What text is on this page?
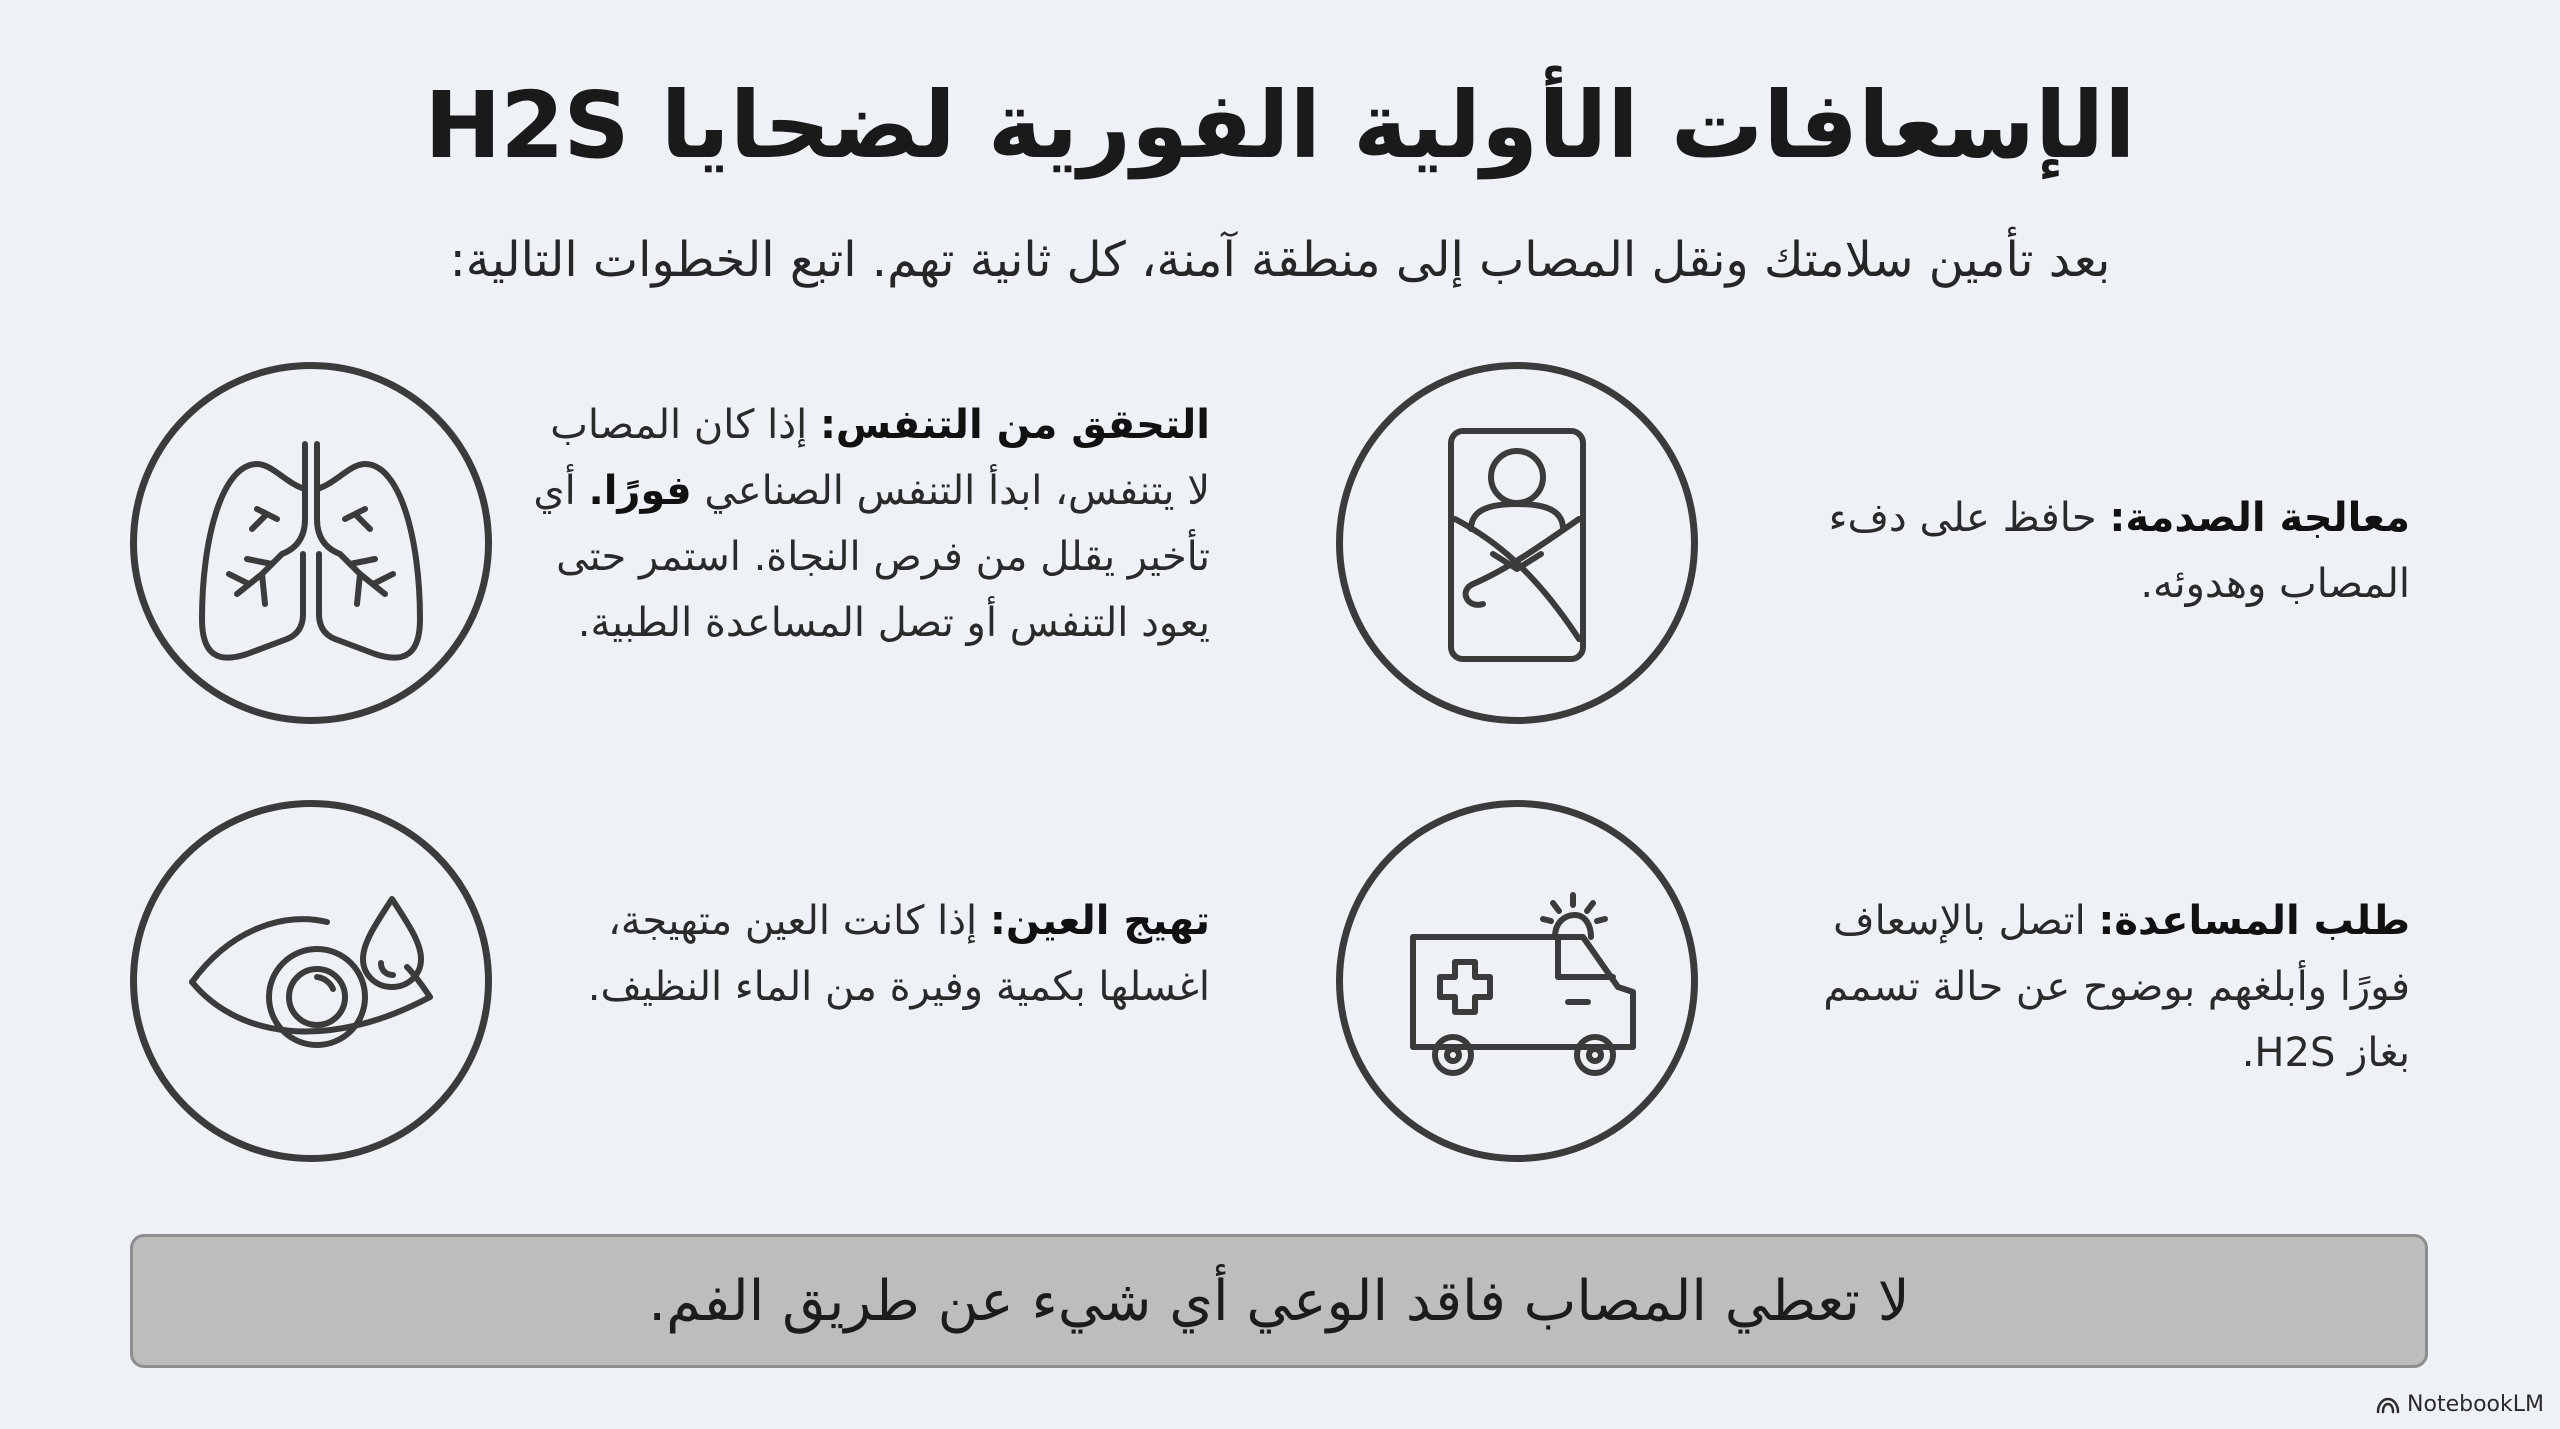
الإسعافات الأولية الفورية لضحايا H2S
بعد تأمين سلامتك ونقل المصاب إلى منطقة آمنة، كل ثانية تهم. اتبع الخطوات التالية:
التحقق من التنفس: إذا كان المصاب لا يتنفس، ابدأ التنفس الصناعي فورًا. أي تأخير يقلل من فرص النجاة. استمر حتى يعود التنفس أو تصل المساعدة الطبية.
معالجة الصدمة: حافظ على دفء المصاب وهدوئه.
تهيج العين: إذا كانت العين متهيجة، اغسلها بكمية وفيرة من الماء النظيف.
طلب المساعدة: اتصل بالإسعاف فورًا وأبلغهم بوضوح عن حالة تسمم بغاز H2S.
لا تعطي المصاب فاقد الوعي أي شيء عن طريق الفم.
NotebookLM
